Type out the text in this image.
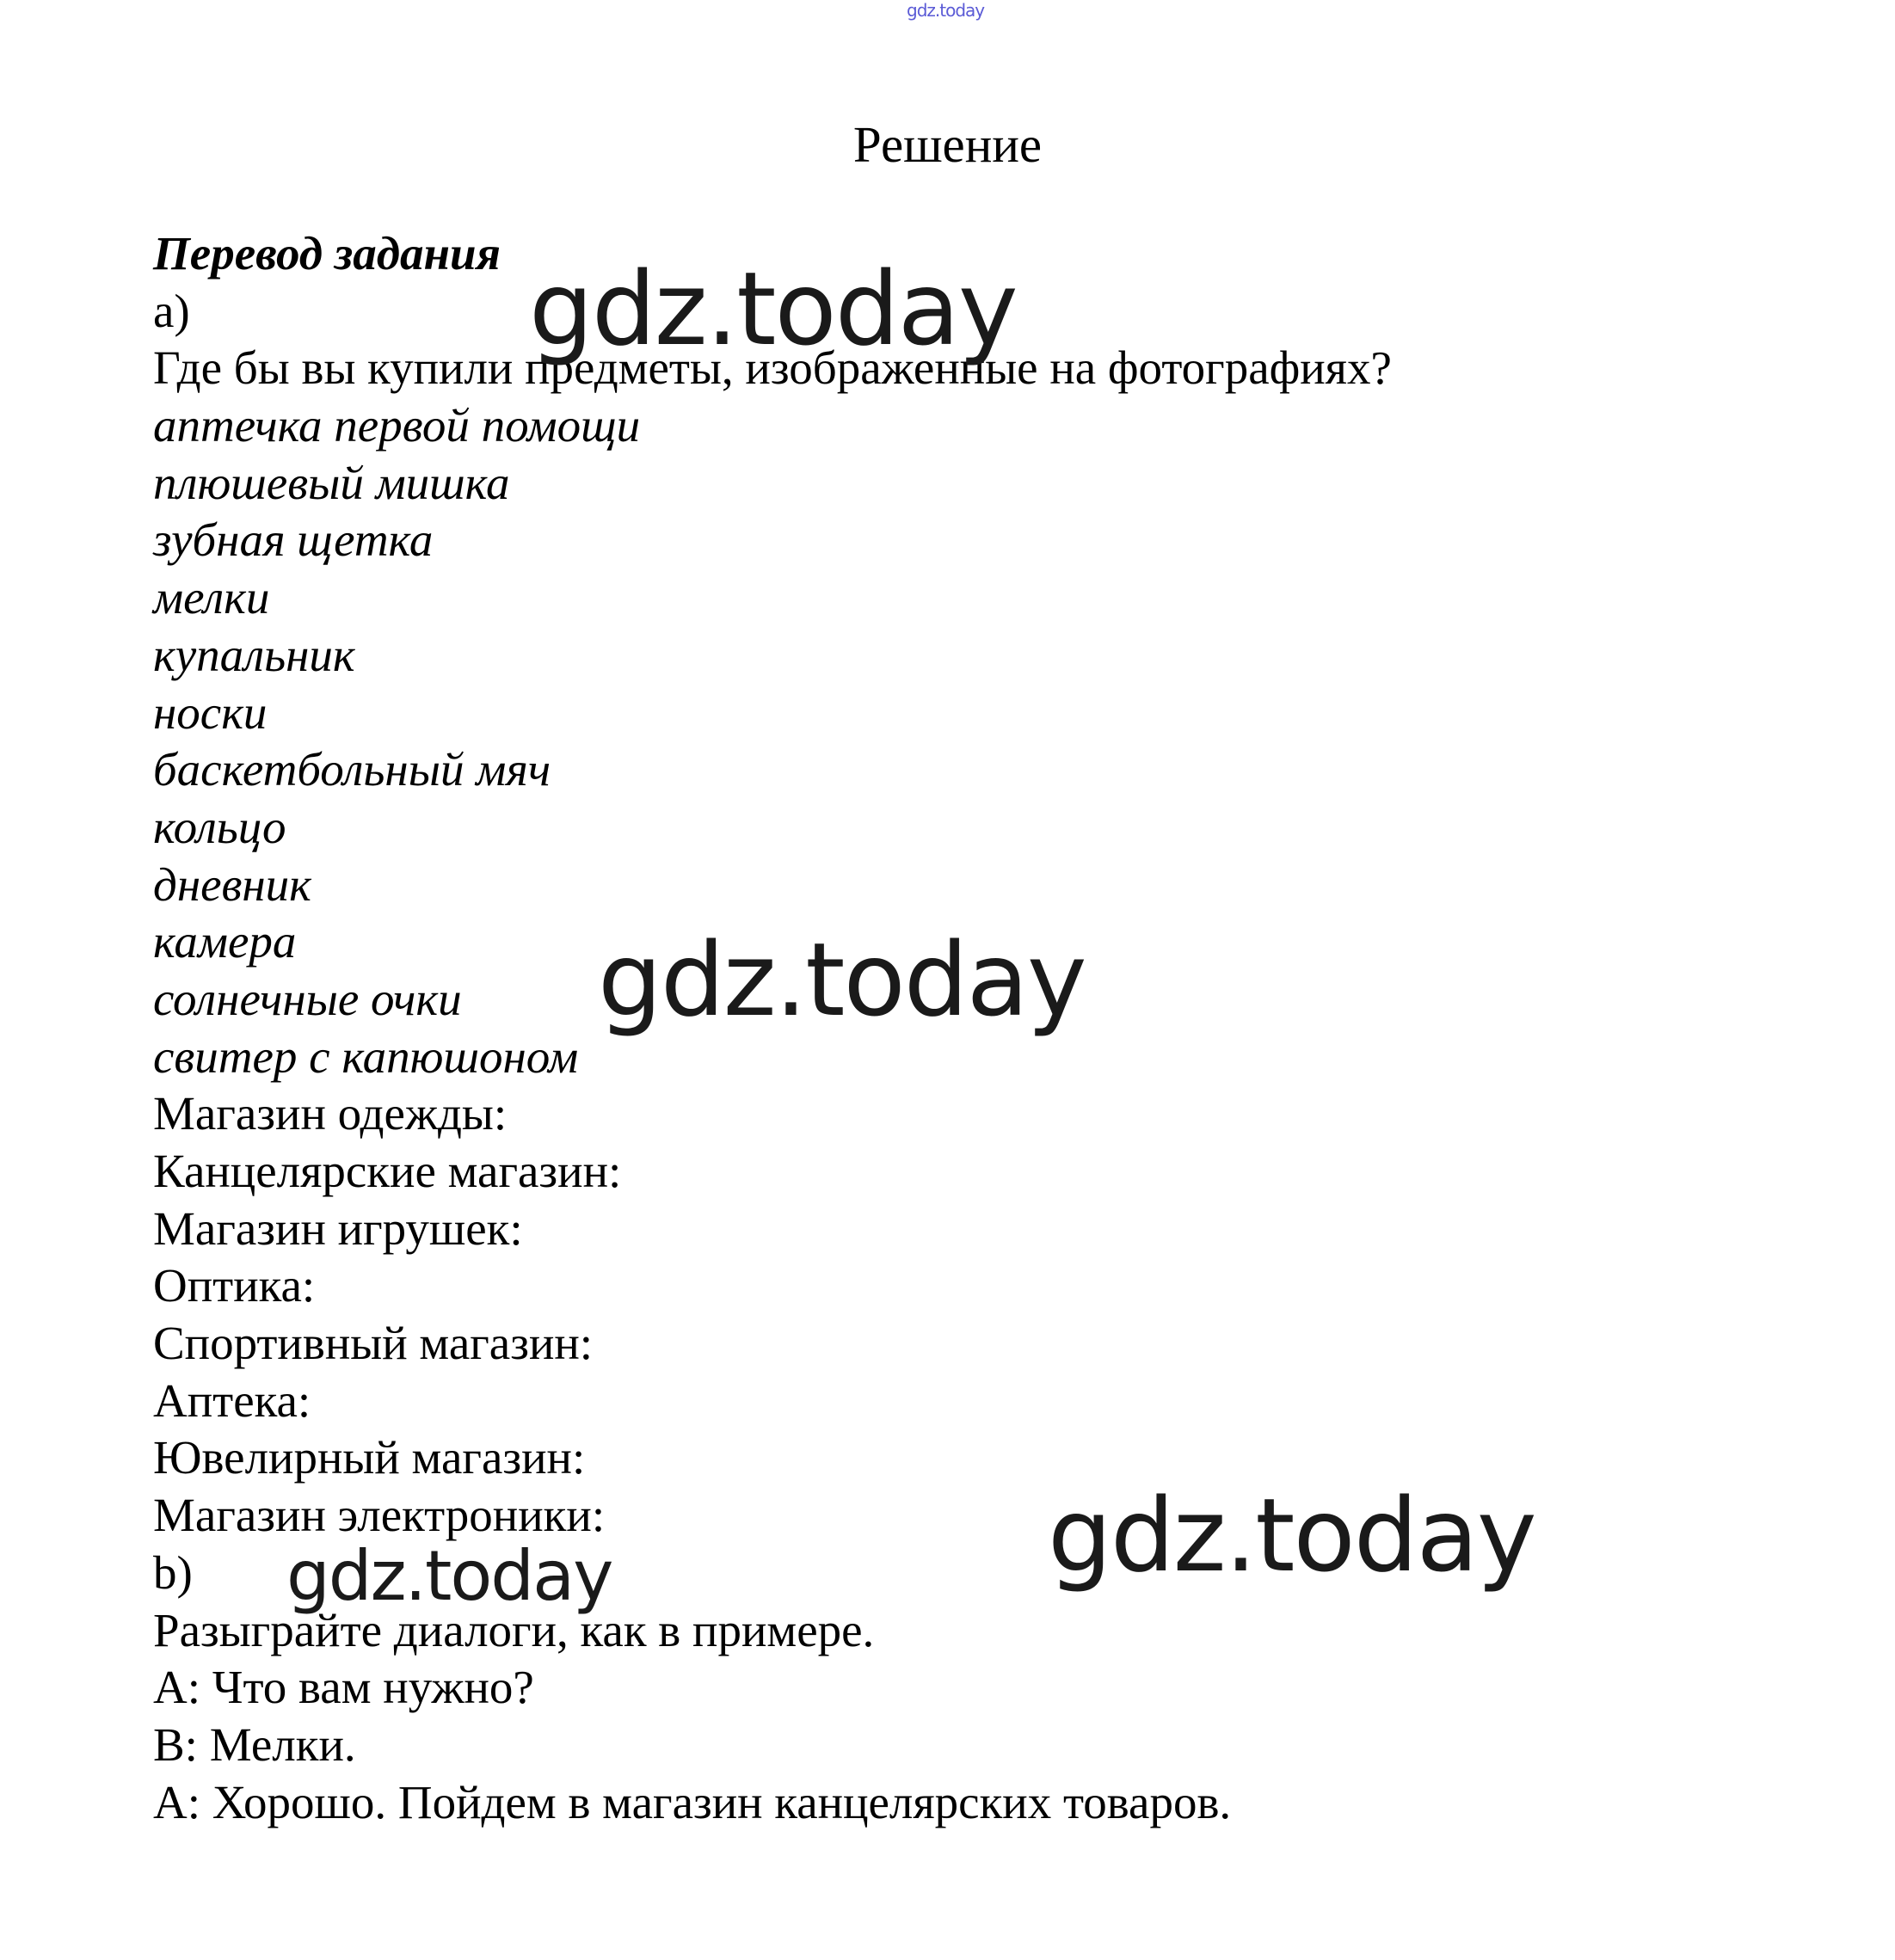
gdz.today
Решение
Перевод задания
a)
Где бы вы купили предметы, изображенные на фотографиях?
аптечка первой помощи
плюшевый мишка
зубная щетка
мелки
купальник
носки
баскетбольный мяч
кольцо
дневник
камера
солнечные очки
свитер с капюшоном
Магазин одежды:
Канцелярские магазин:
Магазин игрушек:
Оптика:
Спортивный магазин:
Аптека:
Ювелирный магазин:
Магазин электроники:
b)
Разыграйте диалоги, как в примере.
А: Что вам нужно?
В: Мелки.
А: Хорошо. Пойдем в магазин канцелярских товаров.
gdz.today
gdz.today
gdz.today
gdz.today
